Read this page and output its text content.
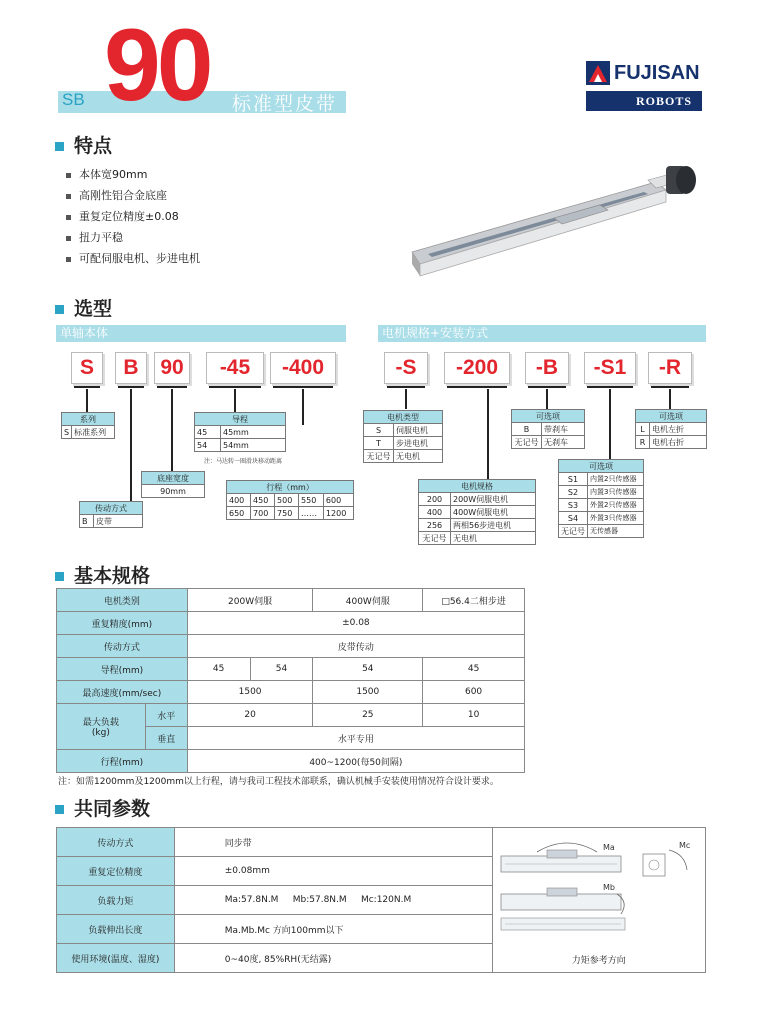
SB 90 标准型皮带
FUJISAN
ROBOTS
特点
本体宽90mm
高刚性铝合金底座
重复定位精度±0.08
扭力平稳
可配伺服电机、步进电机
选型
单轴本体	电机规格+安装方式
S	B	90	-45	-400	-S	-200	-B	-S1	-R
系列
S	标准系列
导程	
45	45mm
54	54mm
注：马达转一圈滑块移动距离
行程（mm）				
400	450	500	550	600
650	700	750	……	1200
底座宽度
90mm
传动方式
B	皮带
电机类型	
S	伺服电机
T	步进电机
无记号	无电机
电机规格	
200	200W伺服电机
400	400W伺服电机
256	两相56步进电机
无记号	无电机
可选项	
B	带刹车
无记号	无刹车
可选项	
S1	内置2只传感器
S2	内置3只传感器
S3	外置2只传感器
S4	外置3只传感器
无记号	无传感器
可选项	
L	电机左折
R	电机右折
基本规格
电机类别		200W伺服		400W伺服	□56.4二相步进
重复精度(mm)		±0.08			
传动方式		皮带传动			
导程(mm)		45	54	54	45
最高速度(mm/sec)		1500		1500	600
最大负载
(kg)	水平	20		25	10
	垂直	水平专用			
行程(mm)		400~1200(每50间隔)			
注：如需1200mm及1200mm以上行程，请与我司工程技术部联系，确认机械手安装使用情况符合设计要求。
共同参数
传动方式	同步带	Ma Mc
Mb
力矩参考方向
重复定位精度	±0.08mm	
负载力矩	Ma:57.8N.M     Mb:57.8N.M     Mc:120N.M	
负载伸出长度	Ma.Mb.Mc 方向100mm以下	
使用环境(温度、湿度)	0~40度, 85%RH(无结露)	
